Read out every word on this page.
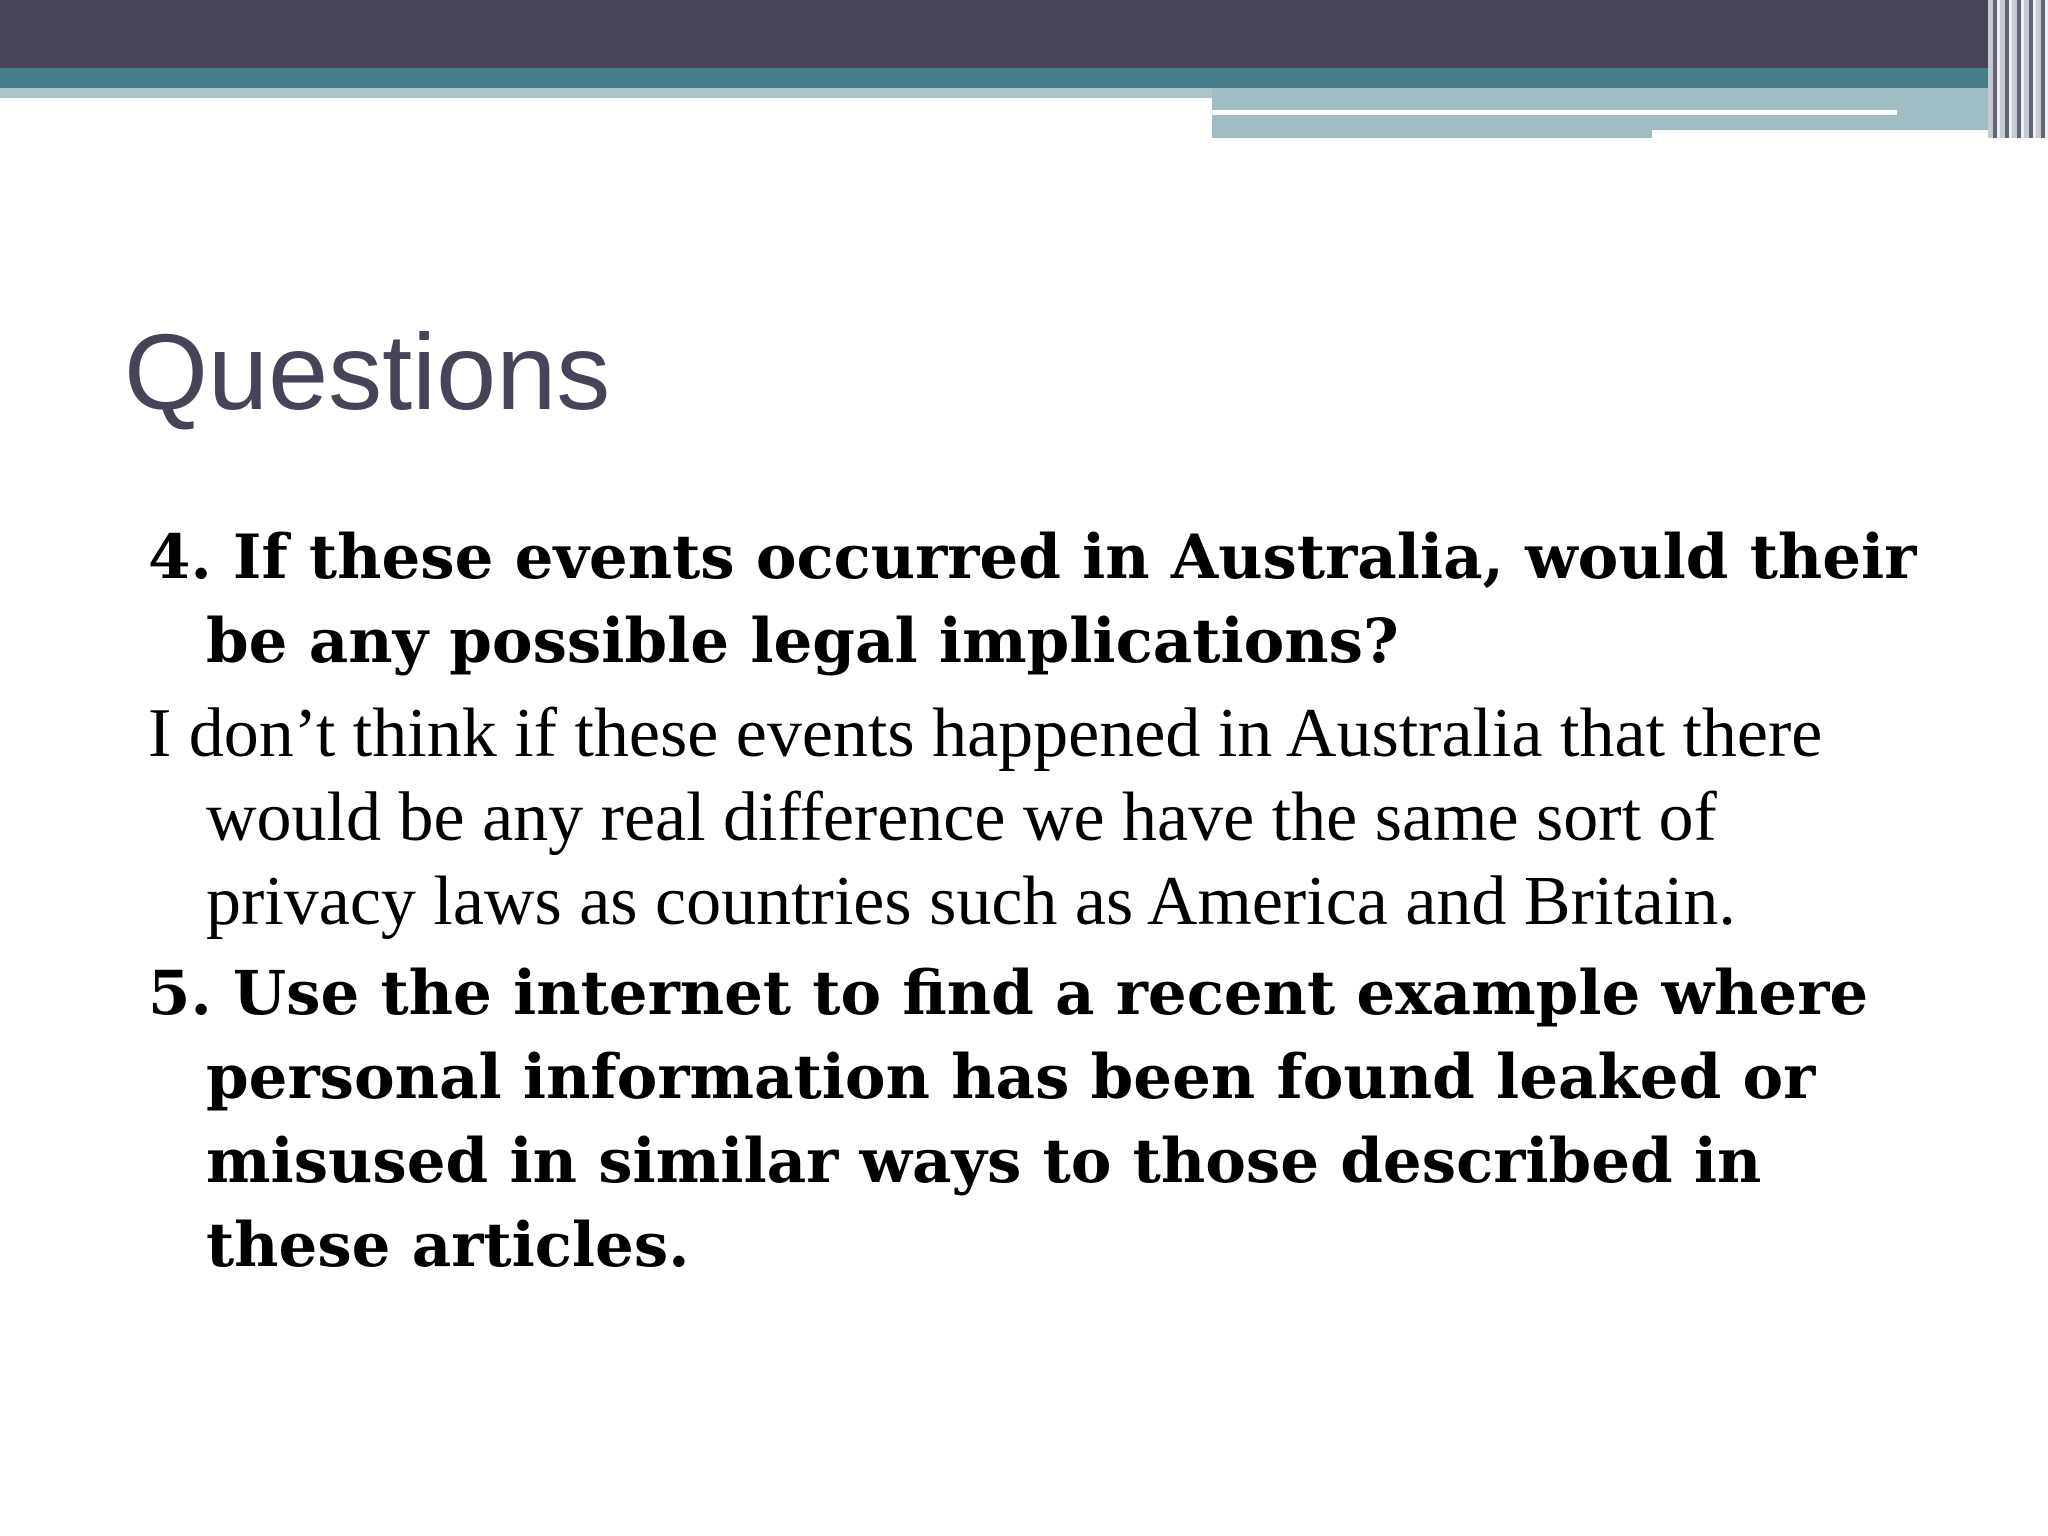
Questions

4. If these events occurred in Australia, would their be any possible legal implications?

I don’t think if these events happened in Australia that there would be any real difference we have the same sort of privacy laws as countries such as America and Britain.

5. Use the internet to find a recent example where personal information has been found leaked or misused in similar ways to those described in these articles.
